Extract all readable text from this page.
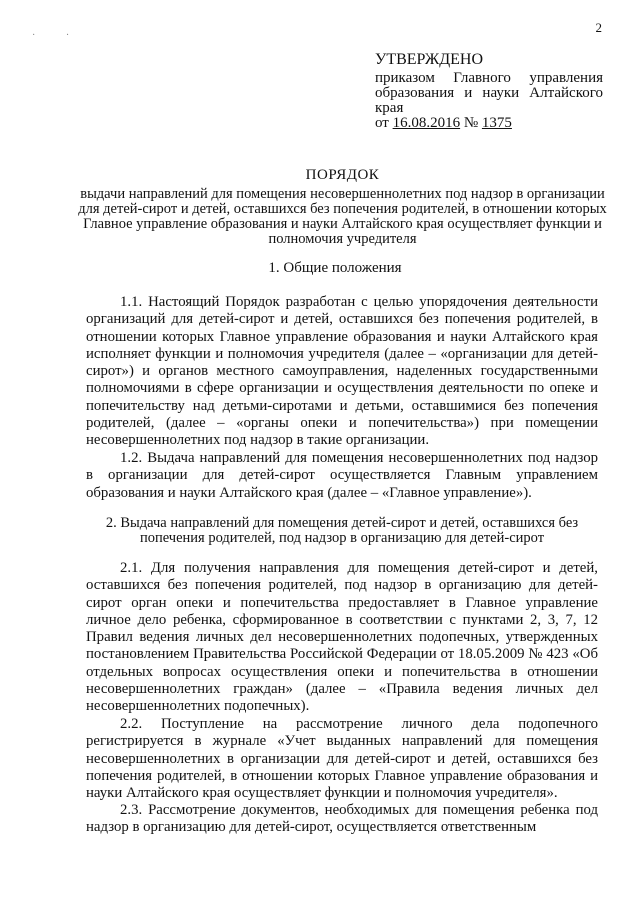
· ·
2
УТВЕРЖДЕНО
приказом Главного управления
образования и науки Алтайского
края
от 16.08.2016 № 1375
ПОРЯДОК
выдачи направлений для помещения несовершеннолетних под надзор в организации для детей-сирот и детей, оставшихся без попечения родителей, в отношении которых Главное управление образования и науки Алтайского края осуществляет функции и полномочия учредителя
1. Общие положения
1.1. Настоящий Порядок разработан с целью упорядочения деятельности организаций для детей-сирот и детей, оставшихся без попечения родителей, в отношении которых Главное управление образования и науки Алтайского края исполняет функции и полномочия учредителя (далее – «организации для детей-сирот») и органов местного самоуправления, наделенных государственными полномочиями в сфере организации и осуществления деятельности по опеке и попечительству над детьми-сиротами и детьми, оставшимися без попечения родителей, (далее – «органы опеки и попечительства») при помещении несовершеннолетних под надзор в такие организации.
1.2. Выдача направлений для помещения несовершеннолетних под надзор в организации для детей-сирот осуществляется Главным управлением образования и науки Алтайского края (далее – «Главное управление»).
2. Выдача направлений для помещения детей-сирот и детей, оставшихся без попечения родителей, под надзор в организацию для детей-сирот
2.1. Для получения направления для помещения детей-сирот и детей, оставшихся без попечения родителей, под надзор в организацию для детей-сирот орган опеки и попечительства предоставляет в Главное управление личное дело ребенка, сформированное в соответствии с пунктами 2, 3, 7, 12 Правил ведения личных дел несовершеннолетних подопечных, утвержденных постановлением Правительства Российской Федерации от 18.05.2009 № 423 «Об отдельных вопросах осуществления опеки и попечительства в отношении несовершеннолетних граждан» (далее – «Правила ведения личных дел несовершеннолетних подопечных).
2.2. Поступление на рассмотрение личного дела подопечного регистрируется в журнале «Учет выданных направлений для помещения несовершеннолетних в организации для детей-сирот и детей, оставшихся без попечения родителей, в отношении которых Главное управление образования и науки Алтайского края осуществляет функции и полномочия учредителя».
2.3. Рассмотрение документов, необходимых для помещения ребенка под надзор в организацию для детей-сирот, осуществляется ответственным
